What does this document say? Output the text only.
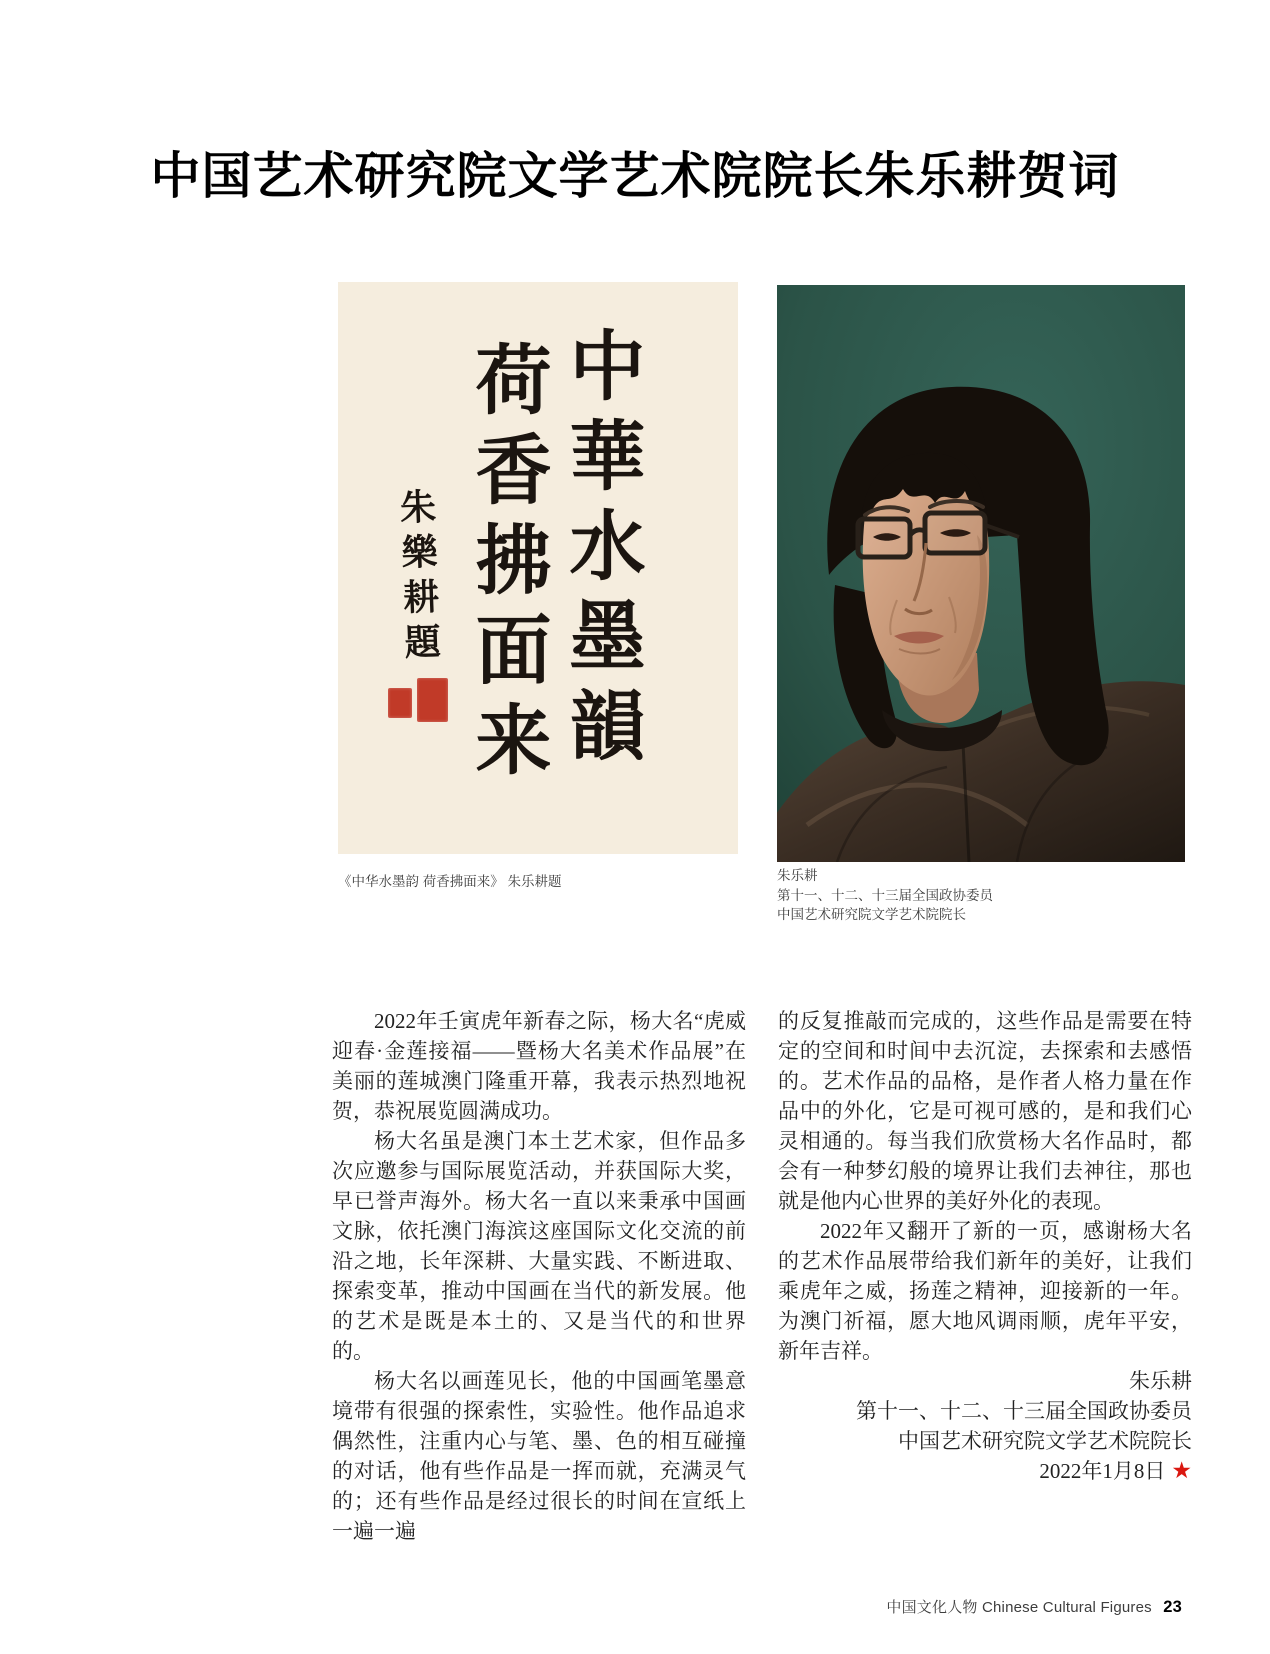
中国艺术研究院文学艺术院院长朱乐耕贺词
中華水墨韻
荷香拂面来
朱樂耕題
《中华水墨韵 荷香拂面来》 朱乐耕题	朱乐耕
第十一、十二、十三届全国政协委员
中国艺术研究院文学艺术院院长

2022年壬寅虎年新春之际，杨大名“虎威迎春·金莲接福——暨杨大名美术作品展”在美丽的莲城澳门隆重开幕，我表示热烈地祝贺，恭祝展览圆满成功。

杨大名虽是澳门本土艺术家，但作品多次应邀参与国际展览活动，并获国际大奖，早已誉声海外。杨大名一直以来秉承中国画文脉，依托澳门海滨这座国际文化交流的前沿之地，长年深耕、大量实践、不断进取、探索变革，推动中国画在当代的新发展。他的艺术是既是本土的、又是当代的和世界的。

杨大名以画莲见长，他的中国画笔墨意境带有很强的探索性，实验性。他作品追求偶然性，注重内心与笔、墨、色的相互碰撞的对话，他有些作品是一挥而就，充满灵气的；还有些作品是经过很长的时间在宣纸上一遍一遍

的反复推敲而完成的，这些作品是需要在特定的空间和时间中去沉淀，去探索和去感悟的。艺术作品的品格，是作者人格力量在作品中的外化，它是可视可感的，是和我们心灵相通的。每当我们欣赏杨大名作品时，都会有一种梦幻般的境界让我们去神往，那也就是他内心世界的美好外化的表现。

2022年又翻开了新的一页，感谢杨大名的艺术作品展带给我们新年的美好，让我们乘虎年之威，扬莲之精神，迎接新的一年。为澳门祈福，愿大地风调雨顺，虎年平安，新年吉祥。

朱乐耕
第十一、十二、十三届全国政协委员
中国艺术研究院文学艺术院院长
2022年1月8日 ★
中国文化人物 Chinese Cultural Figures 23
